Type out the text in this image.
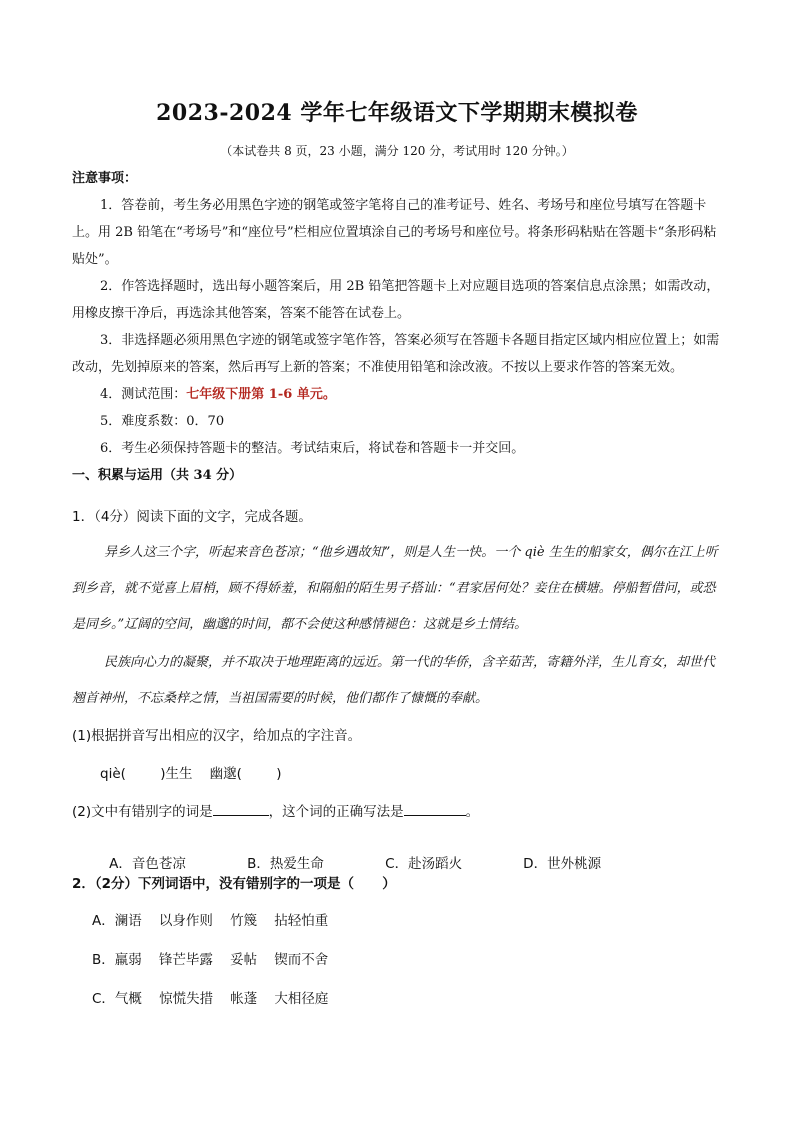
2023-2024 学年七年级语文下学期期末模拟卷
（本试卷共 8 页，23 小题，满分 120 分，考试用时 120 分钟。）
注意事项：
1．答卷前，考生务必用黑色字迹的钢笔或签字笔将自己的准考证号、姓名、考场号和座位号填写在答题卡上。用 2B 铅笔在“考场号”和“座位号”栏相应位置填涂自己的考场号和座位号。将条形码粘贴在答题卡“条形码粘贴处”。
2．作答选择题时，选出每小题答案后，用 2B 铅笔把答题卡上对应题目选项的答案信息点涂黑；如需改动，用橡皮擦干净后，再选涂其他答案，答案不能答在试卷上。
3．非选择题必须用黑色字迹的钢笔或签字笔作答，答案必须写在答题卡各题目指定区域内相应位置上；如需改动，先划掉原来的答案，然后再写上新的答案；不准使用铅笔和涂改液。不按以上要求作答的答案无效。
4．测试范围：七年级下册第 1-6 单元。
5．难度系数：0．70
6．考生必须保持答题卡的整洁。考试结束后，将试卷和答题卡一并交回。
一、积累与运用（共 34 分）
1．（4分）阅读下面的文字，完成各题。
异乡人这三个字，听起来音色苍凉；“他乡遇故知”，则是人生一快。一个 qiè 生生的船家女，偶尔在江上听到乡音，就不觉喜上眉梢，顾不得娇羞，和隔船的陌生男子搭讪：“君家居何处？妾住在横塘。停船暂借问，或恐是同乡。”辽阔的空间，幽邈的时间，都不会使这种感情褪色：这就是乡土情结。
民族向心力的凝聚，并不取决于地理距离的远近。第一代的华侨，含辛茹苦，寄籍外洋，生儿育女，却世代翘首神州，不忘桑梓之情，当祖国需要的时候，他们都作了慷慨的奉献。
(1)根据拼音写出相应的汉字，给加点的字注音。
qiè(        )生生    幽邈(        )
(2)文中有错别字的词是	，这个词的正确写法是	。

A．音色苍凉	B．热爱生命	C．赴汤蹈火	D．世外桃源

2．（2分）下列词语中，没有错别字的一项是（      ）
A．澜语    以身作则    竹篾    拈轻怕重
B．羸弱    锋芒毕露    妥帖    锲而不舍
C．气概    惊慌失措    帐蓬    大相径庭
